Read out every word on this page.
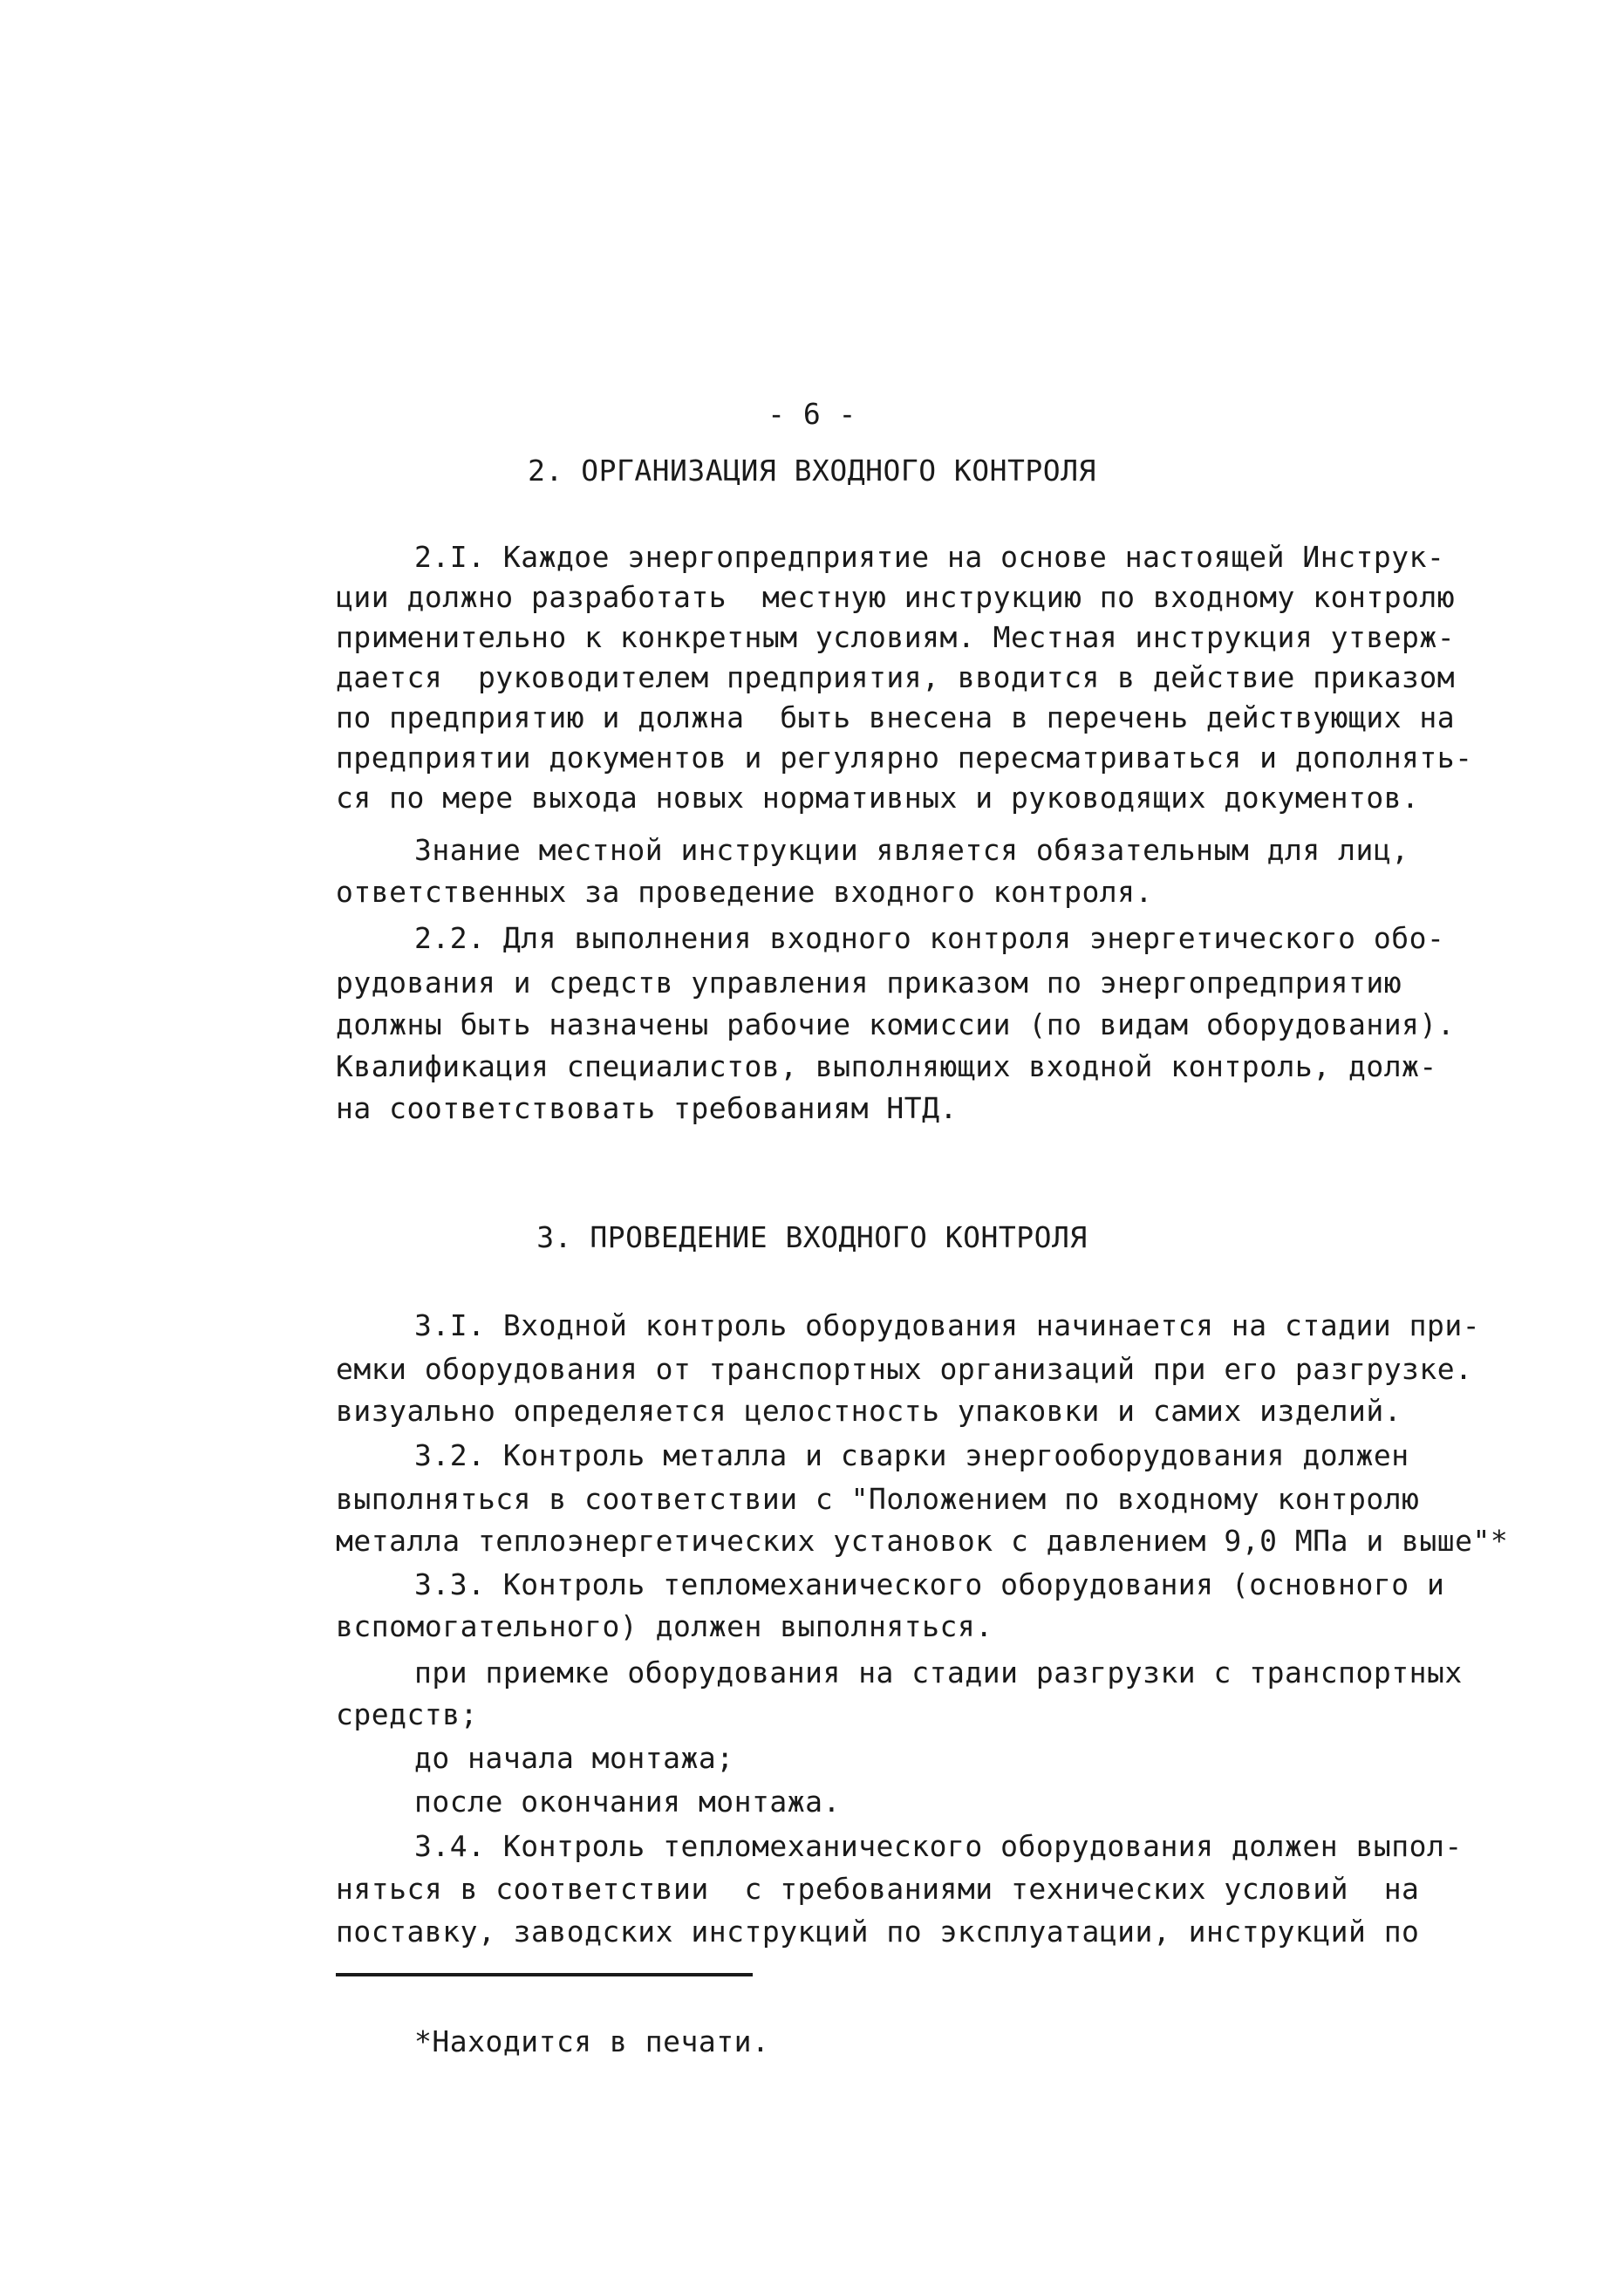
- 6 -
2. ОРГАНИЗАЦИЯ ВХОДНОГО КОНТРОЛЯ
2.I. Каждое энергопредприятие на основе настоящей Инструк-
ции должно разработать  местную инструкцию по входному контролю
применительно к конкретным условиям. Местная инструкция утверж-
дается  руководителем предприятия, вводится в действие приказом
по предприятию и должна  быть внесена в перечень действующих на
предприятии документов и регулярно пересматриваться и дополнять-
ся по мере выхода новых нормативных и руководящих документов.
Знание местной инструкции является обязательным для лиц,
ответственных за проведение входного контроля.
2.2. Для выполнения входного контроля энергетического обо-
рудования и средств управления приказом по энергопредприятию
должны быть назначены рабочие комиссии (по видам оборудования).
Квалификация специалистов, выполняющих входной контроль, долж-
на соответствовать требованиям НТД.
3. ПРОВЕДЕНИЕ ВХОДНОГО КОНТРОЛЯ
3.I. Входной контроль оборудования начинается на стадии при-
емки оборудования от транспортных организаций при его разгрузке.
визуально определяется целостность упаковки и самих изделий.
3.2. Контроль металла и сварки энергооборудования должен
выполняться в соответствии с "Положением по входному контролю
металла теплоэнергетических установок с давлением 9,0 МПа и выше"*
3.3. Контроль тепломеханического оборудования (основного и
вспомогательного) должен выполняться.
при приемке оборудования на стадии разгрузки с транспортных
средств;
до начала монтажа;
после окончания монтажа.
3.4. Контроль тепломеханического оборудования должен выпол-
няться в соответствии  с требованиями технических условий  на
поставку, заводских инструкций по эксплуатации, инструкций по
*Находится в печати.
